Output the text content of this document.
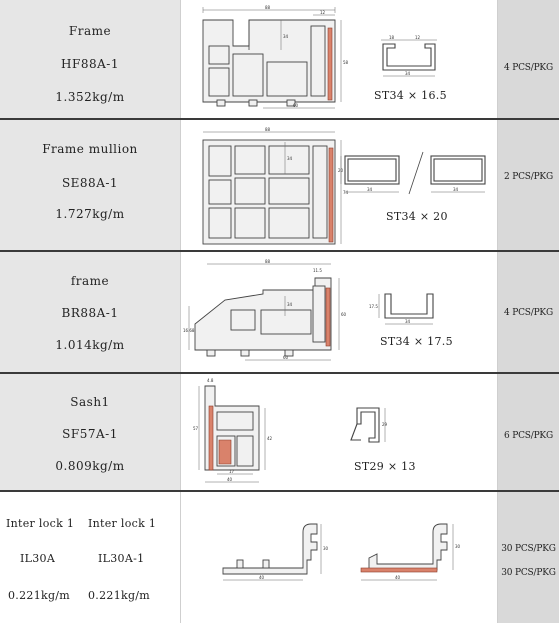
Frame
HF88A-1
1.352kg/m
88
12
34
60
58
18	12
34
ST34 × 16.5
4 PCS/PKG
Frame mullion
SE88A-1
1.727kg/m
88
34
74
34
20
34
ST34 × 20
2 PCS/PKG
frame
BR88A-1
1.014kg/m
88
11.5
16.68
34
60
60
17.5
34
ST34 × 17.5
4 PCS/PKG
Sash1
SF57A-1
0.809kg/m
4.8
57
42
17
40
29
ST29 × 13
6 PCS/PKG
Inter lock 1 Inter lock 1
IL30A	IL30A-1
0.221kg/m 0.221kg/m
30
40
30
40
30 PCS/PKG
30 PCS/PKG
